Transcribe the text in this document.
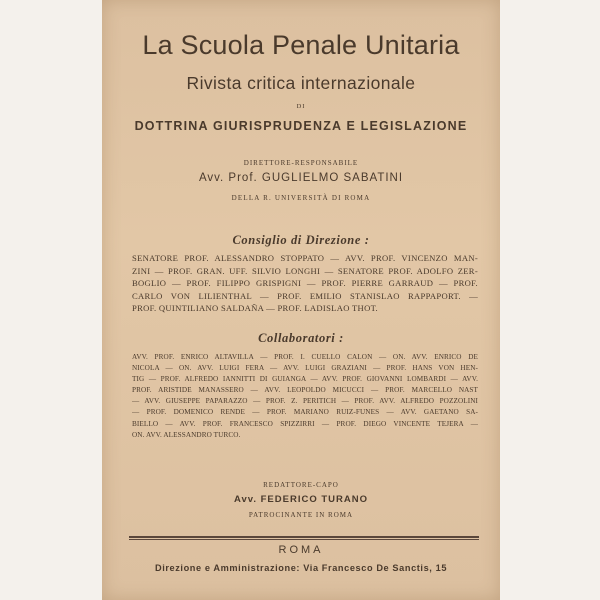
La Scuola Penale Unitaria
Rivista critica internazionale
DI
DOTTRINA GIURISPRUDENZA E LEGISLAZIONE
DIRETTORE-RESPONSABILE
Avv. Prof. GUGLIELMO SABATINI
DELLA R. UNIVERSITÀ DI ROMA
Consiglio di Direzione :
SENATORE PROF. ALESSANDRO STOPPATO — AVV. PROF. VINCENZO MAN-
ZINI — PROF. GRAN. UFF. SILVIO LONGHI — SENATORE PROF. ADOLFO ZER-
BOGLIO — PROF. FILIPPO GRISPIGNI — PROF. PIERRE GARRAUD — PROF.
CARLO VON LILIENTHAL — PROF. EMILIO STANISLAO RAPPAPORT. —
PROF. QUINTILIANO SALDAÑA — PROF. LADISLAO THOT.
Collaboratori :
AVV. PROF. ENRICO ALTAVILLA — PROF. I. CUELLO CALON — ON. AVV. ENRICO DE
NICOLA — ON. AVV. LUIGI FERA — AVV. LUIGI GRAZIANI — PROF. HANS VON HEN-
TIG — PROF. ALFREDO IANNITTI DI GUIANGA — AVV. PROF. GIOVANNI LOMBARDI — AVV.
PROF. ARISTIDE MANASSERO — AVV. LEOPOLDO MICUCCI — PROF. MARCELLO NAST
— AVV. GIUSEPPE PAPARAZZO — PROF. Z. PERITICH — PROF. AVV. ALFREDO POZZOLINI
— PROF. DOMENICO RENDE — PROF. MARIANO RUIZ-FUNES — AVV. GAETANO SA-
BIELLO — AVV. PROF. FRANCESCO SPIZZIRRI — PROF. DIEGO VINCENTE TEJERA —
ON. AVV. ALESSANDRO TURCO.
REDATTORE-CAPO
Avv. FEDERICO TURANO
PATROCINANTE IN ROMA
ROMA
Direzione e Amministrazione: Via Francesco De Sanctis, 15
